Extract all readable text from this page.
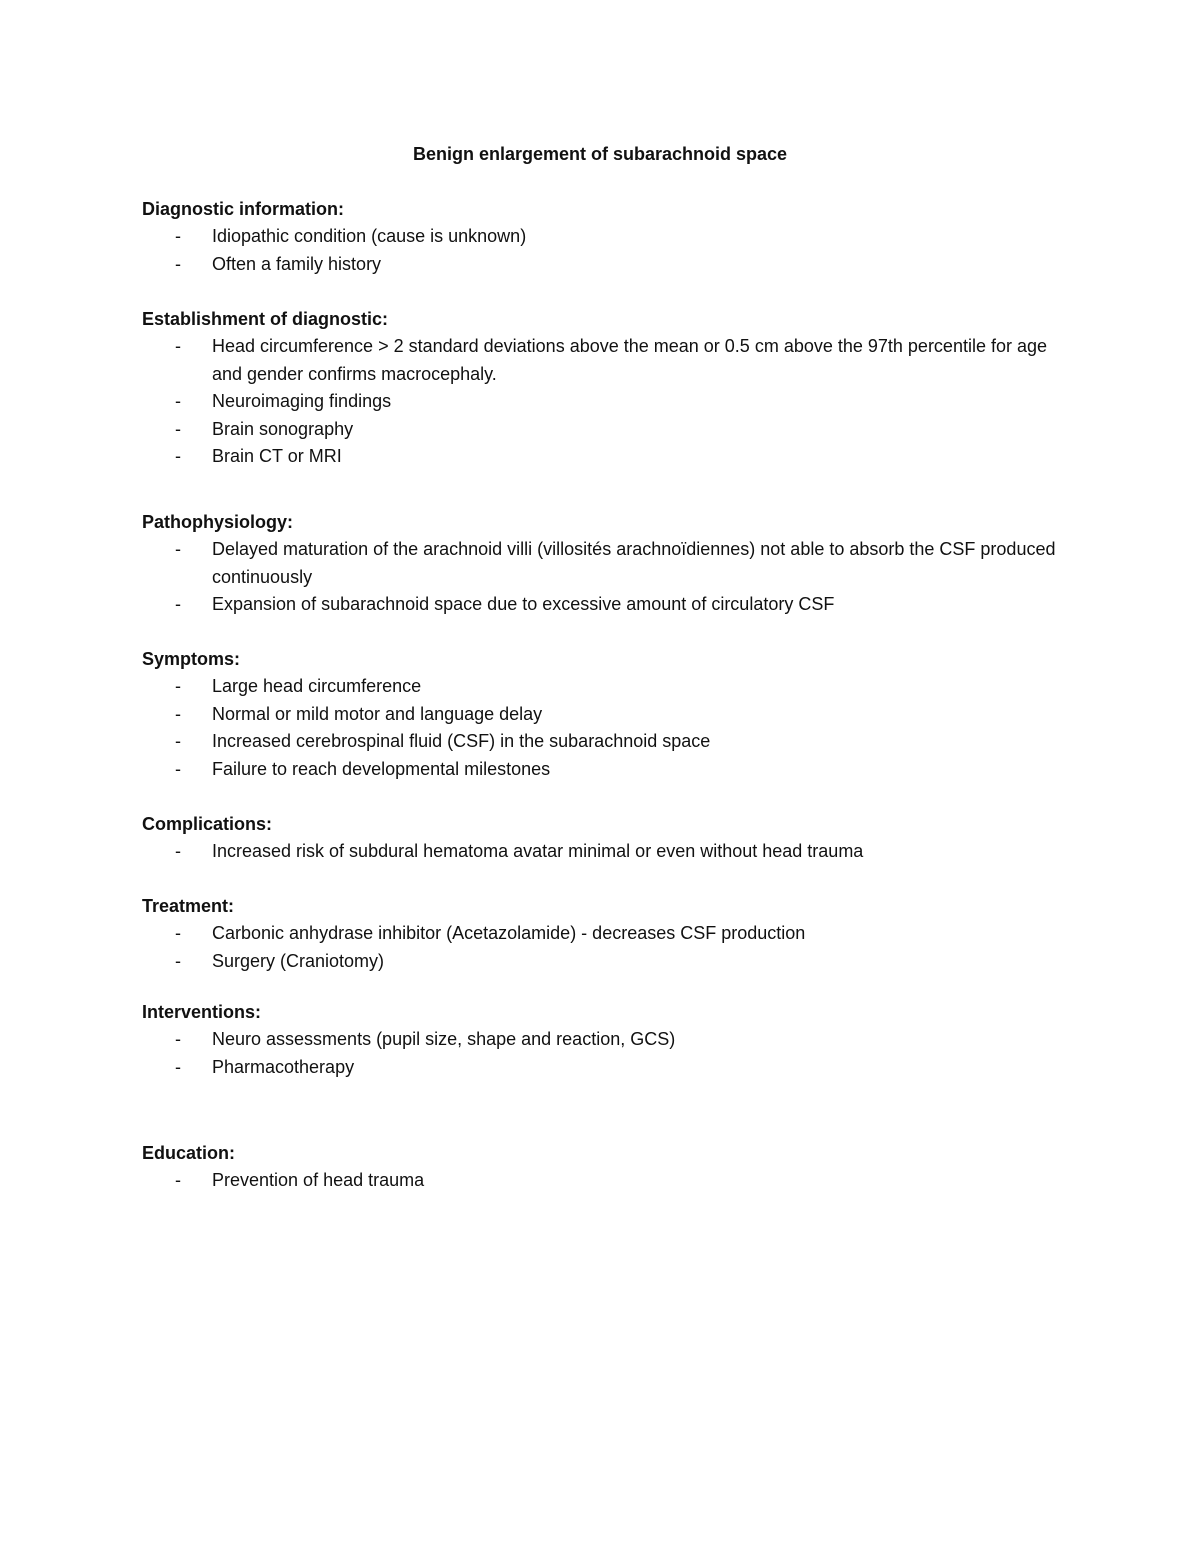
Benign enlargement of subarachnoid space

Diagnostic information:

- Idiopathic condition (cause is unknown)
- Often a family history

Establishment of diagnostic:

- Head circumference > 2 standard deviations above the mean or 0.5 cm above the 97th percentile for age and gender confirms macrocephaly.
- Neuroimaging findings
- Brain sonography
- Brain CT or MRI

Pathophysiology:

- Delayed maturation of the arachnoid villi (villosités arachnoïdiennes) not able to absorb the CSF produced continuously
- Expansion of subarachnoid space due to excessive amount of circulatory CSF

Symptoms:

- Large head circumference
- Normal or mild motor and language delay
- Increased cerebrospinal fluid (CSF) in the subarachnoid space
- Failure to reach developmental milestones

Complications:

- Increased risk of subdural hematoma avatar minimal or even without head trauma

Treatment:

- Carbonic anhydrase inhibitor (Acetazolamide) - decreases CSF production
- Surgery (Craniotomy)

Interventions:

- Neuro assessments (pupil size, shape and reaction, GCS)
- Pharmacotherapy

Education:

- Prevention of head trauma
